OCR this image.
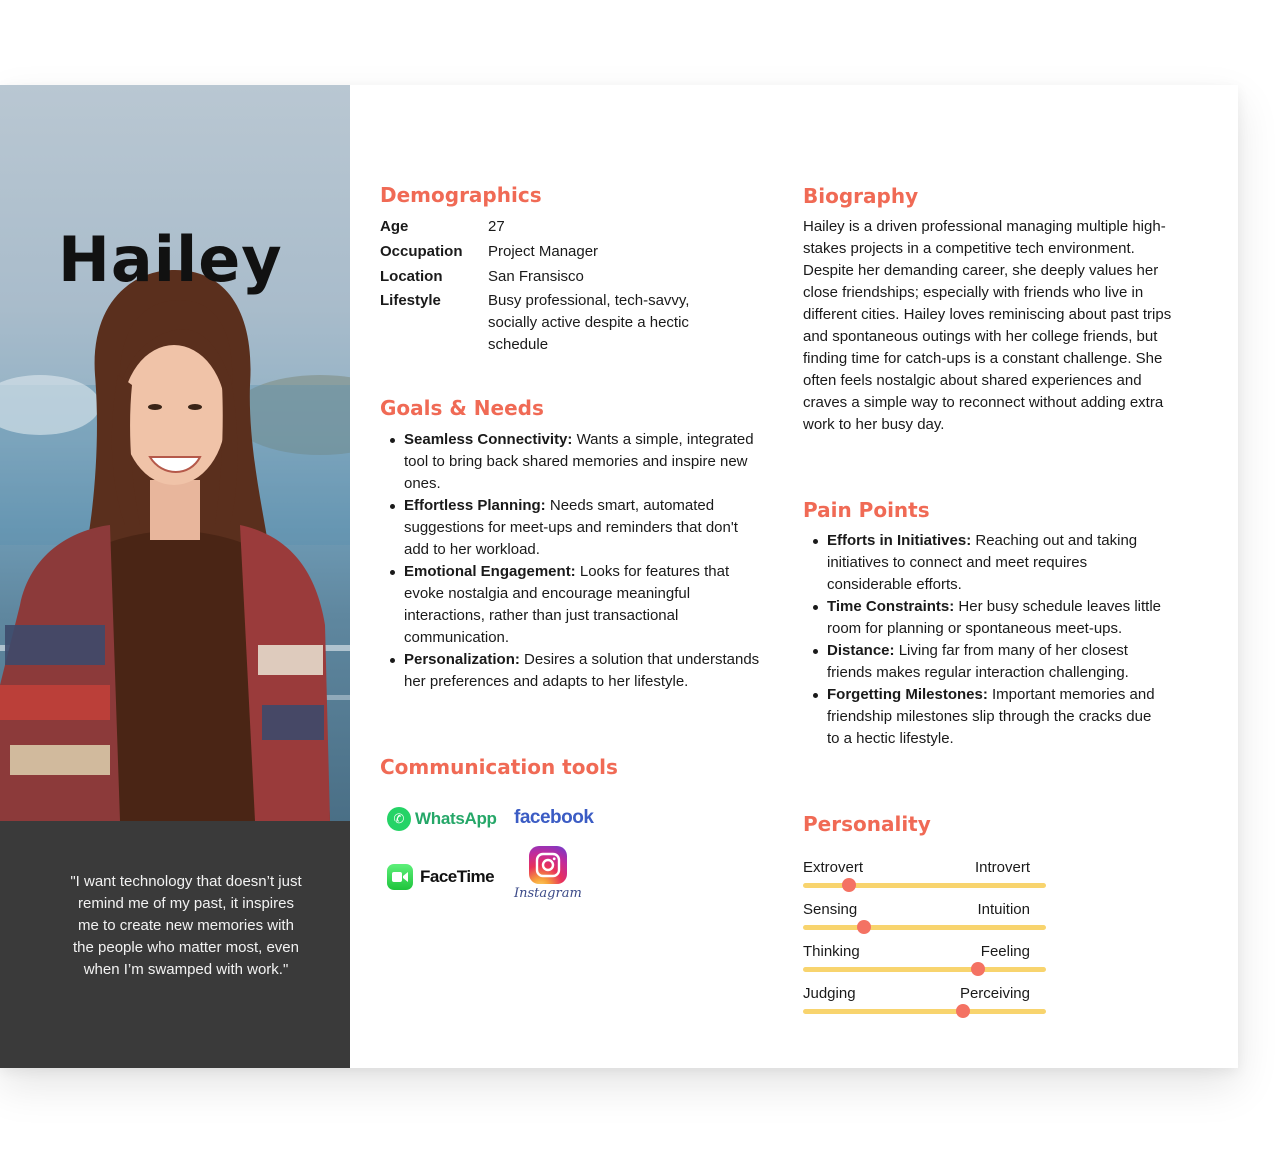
Hailey

"I want technology that doesn’t just remind me of my past, it inspires me to create new memories with the people who matter most, even when I’m swamped with work."

Demographics
Age	27
Occupation	Project Manager
Location	San Fransisco
Lifestyle	Busy professional, tech-savvy, socially active despite a hectic schedule
Goals & Needs
Seamless Connectivity: Wants a simple, integrated tool to bring back shared memories and inspire new ones.
Effortless Planning: Needs smart, automated suggestions for meet-ups and reminders that don't add to her workload.
Emotional Engagement: Looks for features that evoke nostalgia and encourage meaningful interactions, rather than just transactional communication.
Personalization: Desires a solution that understands her preferences and adapts to her lifestyle.
Communication tools
✆ WhatsApp facebook
FaceTime
Instagram
Biography

Hailey is a driven professional managing multiple high-stakes projects in a competitive tech environment. Despite her demanding career, she deeply values her close friendships; especially with friends who live in different cities. Hailey loves reminiscing about past trips and spontaneous outings with her college friends, but finding time for catch-ups is a constant challenge. She often feels nostalgic about shared experiences and craves a simple way to reconnect without adding extra work to her busy day.

Pain Points
Efforts in Initiatives: Reaching out and taking initiatives to connect and meet requires considerable efforts.
Time Constraints: Her busy schedule leaves little room for planning or spontaneous meet-ups.
Distance: Living far from many of her closest friends makes regular interaction challenging.
Forgetting Milestones: Important memories and friendship milestones slip through the cracks due to a hectic lifestyle.
Personality
Extrovert	Introvert
Sensing	Intuition
Thinking	Feeling
Judging	Perceiving
